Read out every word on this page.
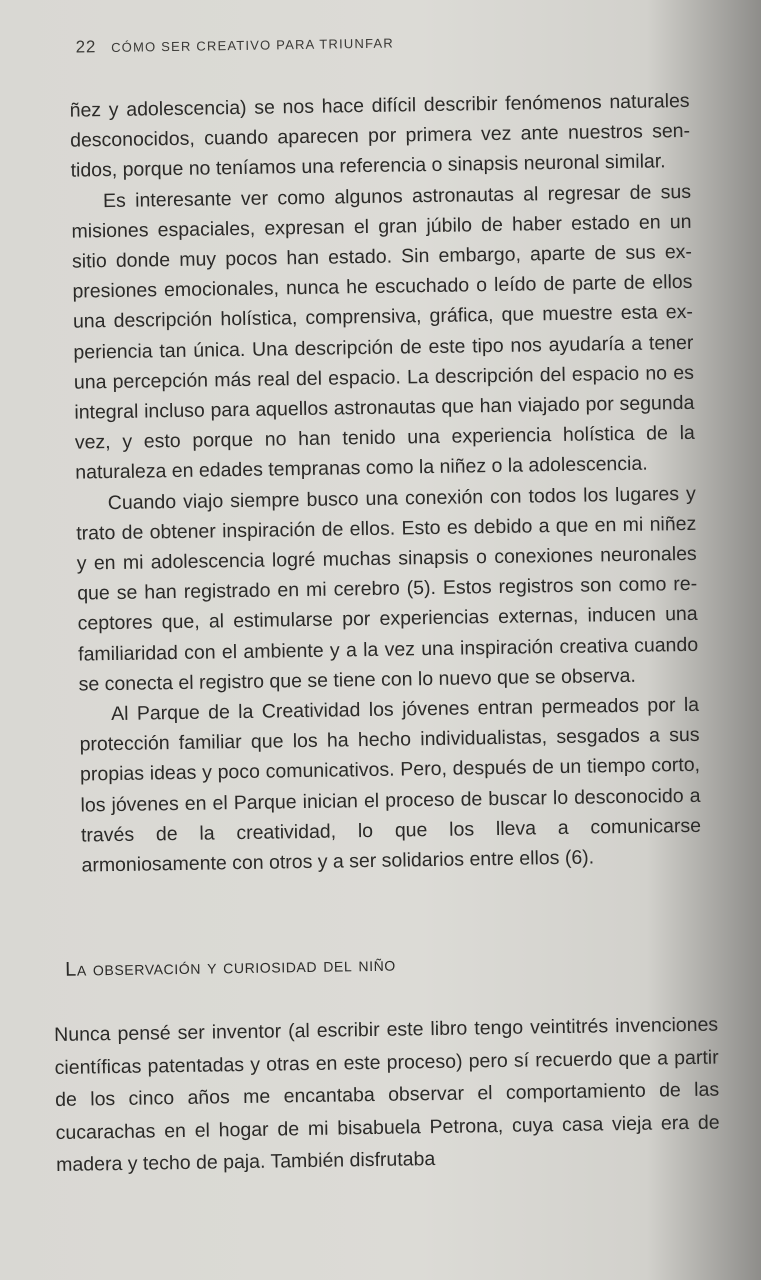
22 CÓMO SER CREATIVO PARA TRIUNFAR

ñez y adolescencia) se nos hace difícil describir fenómenos naturales desconocidos, cuando aparecen por primera vez ante nuestros sentidos, porque no teníamos una referencia o sinapsis neuronal similar.

Es interesante ver como algunos astronautas al regresar de sus misiones espaciales, expresan el gran júbilo de haber estado en un sitio donde muy pocos han estado. Sin embargo, aparte de sus expresiones emocionales, nunca he escuchado o leído de parte de ellos una descripción holística, comprensiva, gráfica, que muestre esta experiencia tan única. Una descripción de este tipo nos ayudaría a tener una percepción más real del espacio. La descripción del espacio no es integral incluso para aquellos astronautas que han viajado por segunda vez, y esto porque no han tenido una experiencia holística de la naturaleza en edades tempranas como la niñez o la adolescencia.

Cuando viajo siempre busco una conexión con todos los lugares y trato de obtener inspiración de ellos. Esto es debido a que en mi niñez y en mi adolescencia logré muchas sinapsis o conexiones neuronales que se han registrado en mi cerebro (5). Estos registros son como receptores que, al estimularse por experiencias externas, inducen una familiaridad con el ambiente y a la vez una inspiración creativa cuando se conecta el registro que se tiene con lo nuevo que se observa.

Al Parque de la Creatividad los jóvenes entran permeados por la protección familiar que los ha hecho individualistas, sesgados a sus propias ideas y poco comunicativos. Pero, después de un tiempo corto, los jóvenes en el Parque inician el proceso de buscar lo desconocido a través de la creatividad, lo que los lleva a comunicarse armoniosamente con otros y a ser solidarios entre ellos (6).

La observación y curiosidad del niño

Nunca pensé ser inventor (al escribir este libro tengo veintitrés invenciones científicas patentadas y otras en este proceso) pero sí recuerdo que a partir de los cinco años me encantaba observar el comportamiento de las cucarachas en el hogar de mi bisabuela Petrona, cuya casa vieja era de madera y techo de paja. También disfrutaba
